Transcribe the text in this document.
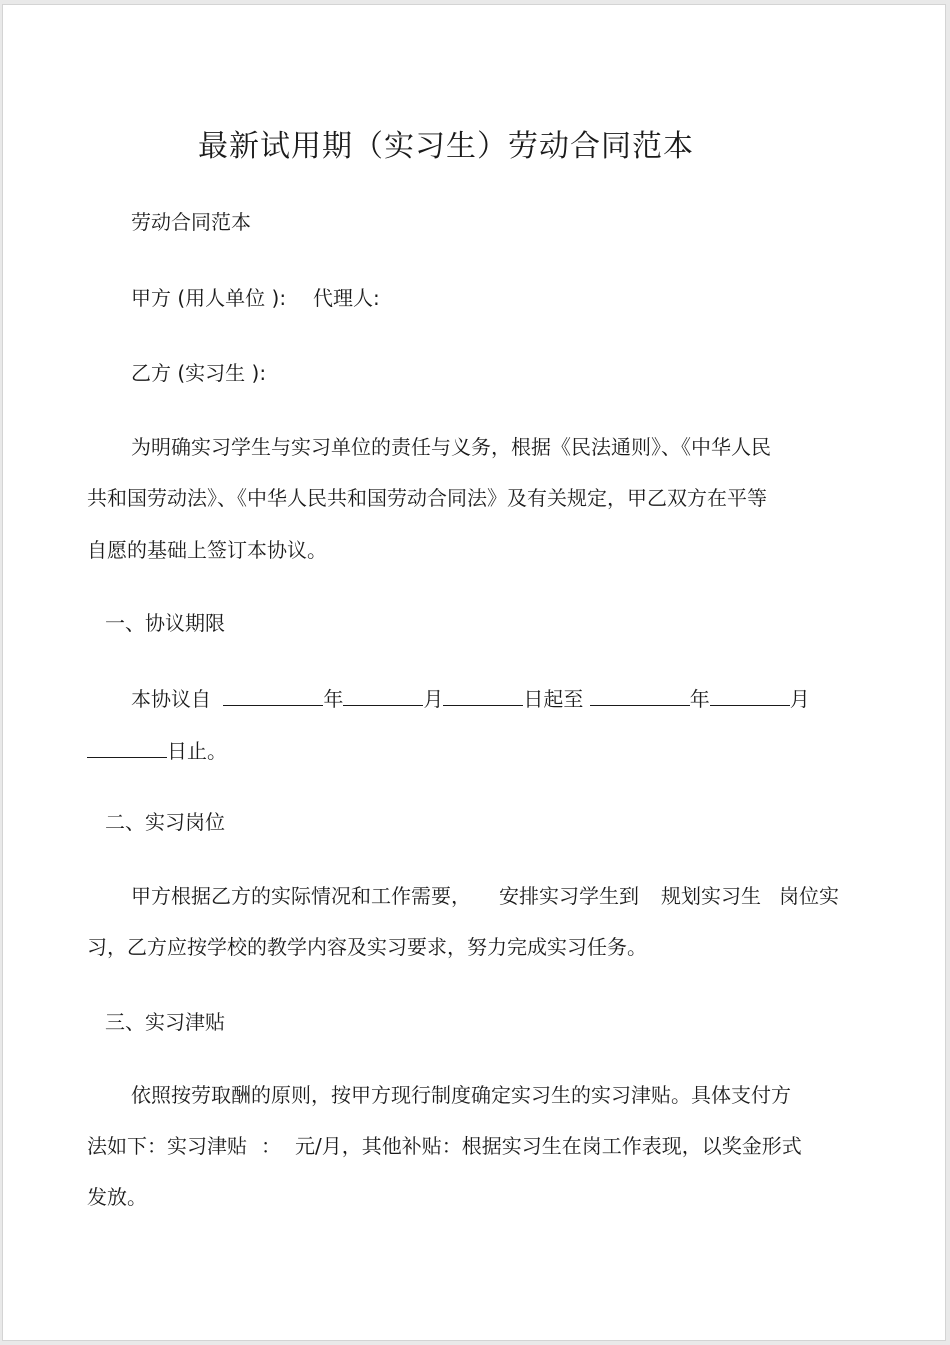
最新试用期（实习生）劳动合同范本
劳动合同范本
甲方 (用人单位 ): 代理人:
乙方 (实习生 ):
为明确实习学生与实习单位的责任与义务，根据《民法通则》、《中华人民
共和国劳动法》、《中华人民共和国劳动合同法》及有关规定，甲乙双方在平等
自愿的基础上签订本协议。
一、协议期限
本协议自	年	月	日起至	年	月
日止。
二、实习岗位
甲方根据乙方的实际情况和工作需要， 安排实习学生到 规划实习生 岗位实
习，乙方应按学校的教学内容及实习要求，努力完成实习任务。
三、实习津贴
依照按劳取酬的原则，按甲方现行制度确定实习生的实习津贴。具体支付方
法如下：实习津贴 ： 元/月，其他补贴：根据实习生在岗工作表现，以奖金形式
发放。
